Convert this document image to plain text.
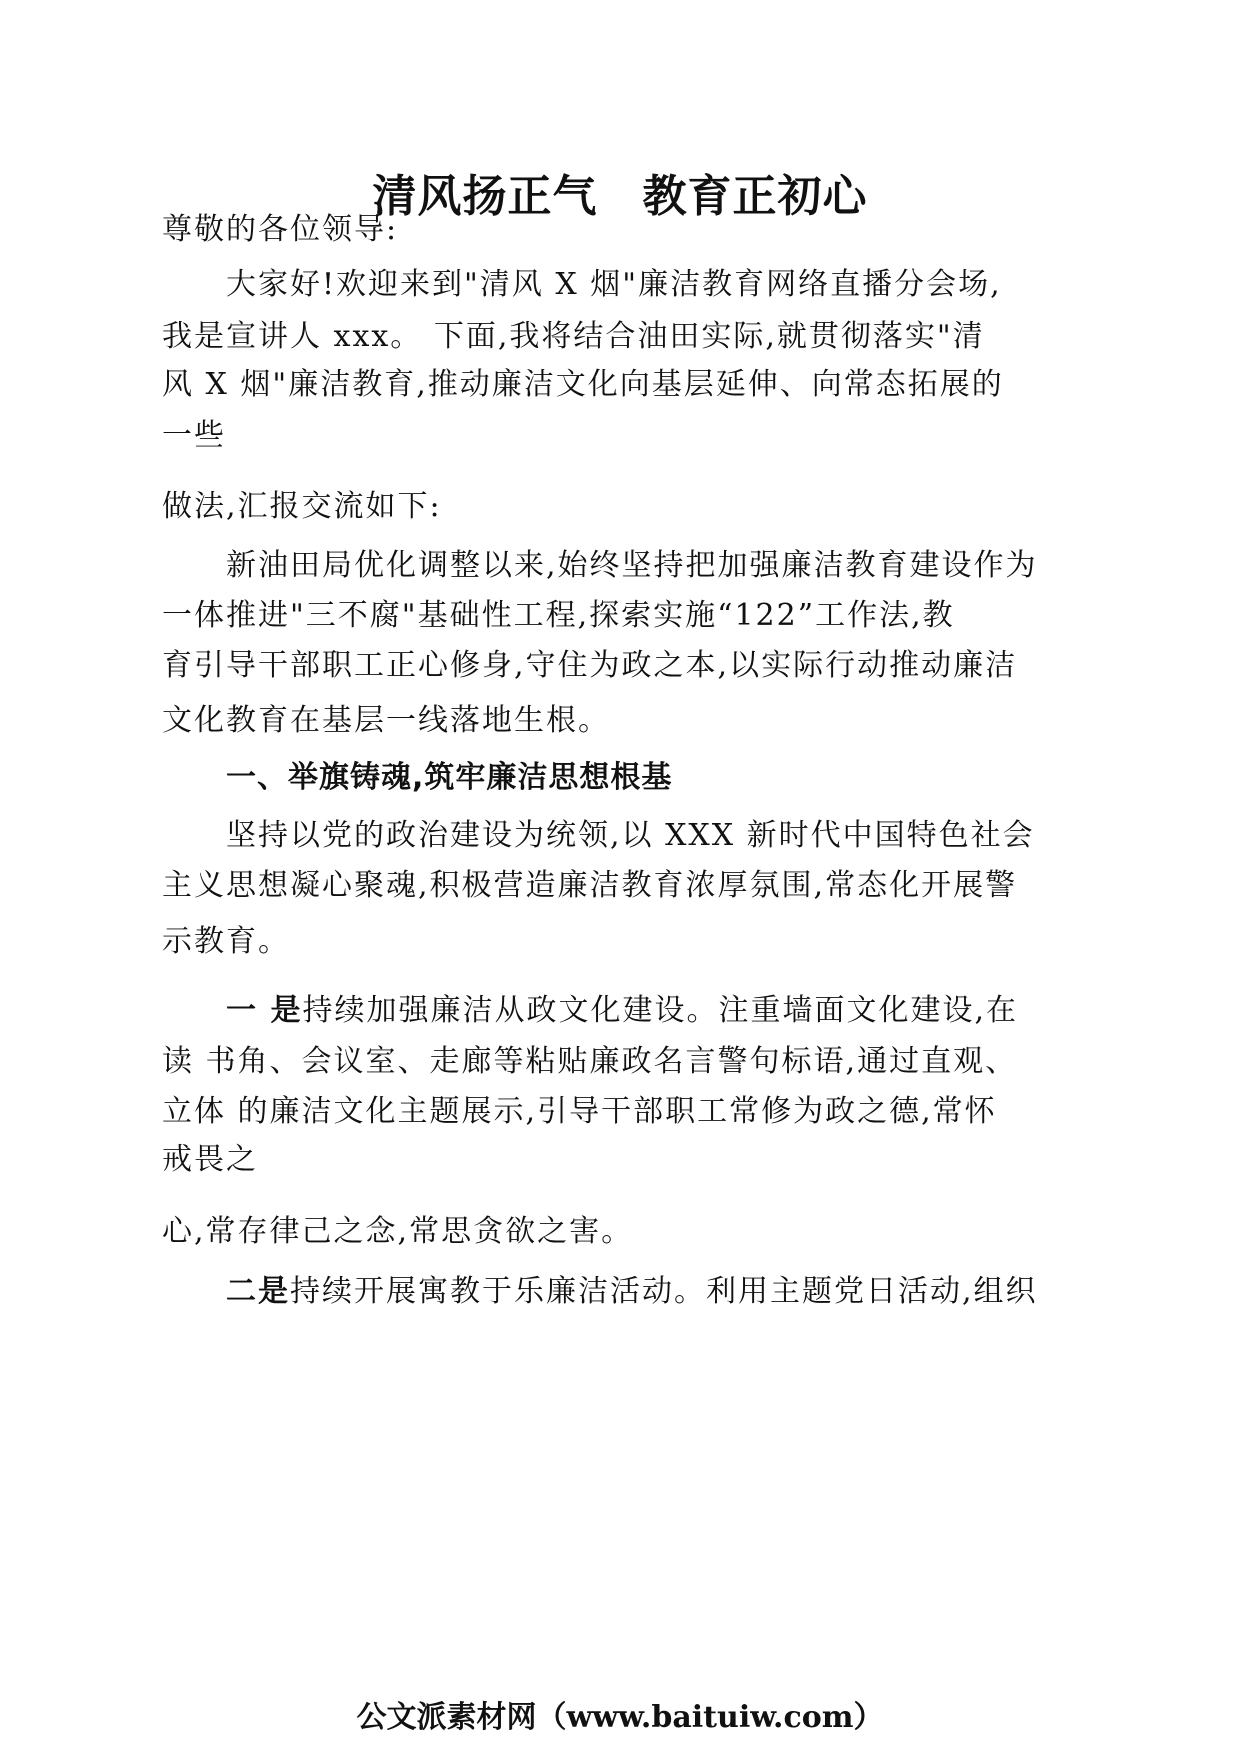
清风扬正气　教育正初心
尊敬的各位领导:
大家好!欢迎来到"清风 X 烟"廉洁教育网络直播分会场,
我是宣讲人 xxx。 下面,我将结合油田实际,就贯彻落实"清
风 X 烟"廉洁教育,推动廉洁文化向基层延伸、向常态拓展的
一些
做法,汇报交流如下:
新油田局优化调整以来,始终坚持把加强廉洁教育建设作为
一体推进"三不腐"基础性工程,探索实施“122”工作法,教
育引导干部职工正心修身,守住为政之本,以实际行动推动廉洁
文化教育在基层一线落地生根。
一、举旗铸魂,筑牢廉洁思想根基
坚持以党的政治建设为统领,以 XXX 新时代中国特色社会
主义思想凝心聚魂,积极营造廉洁教育浓厚氛围,常态化开展警
示教育。
一 是持续加强廉洁从政文化建设。注重墙面文化建设,在
读 书角、会议室、走廊等粘贴廉政名言警句标语,通过直观、
立体 的廉洁文化主题展示,引导干部职工常修为政之德,常怀
戒畏之
心,常存律己之念,常思贪欲之害。
二是持续开展寓教于乐廉洁活动。利用主题党日活动,组织
公文派素材网（www.baituiw.com）
